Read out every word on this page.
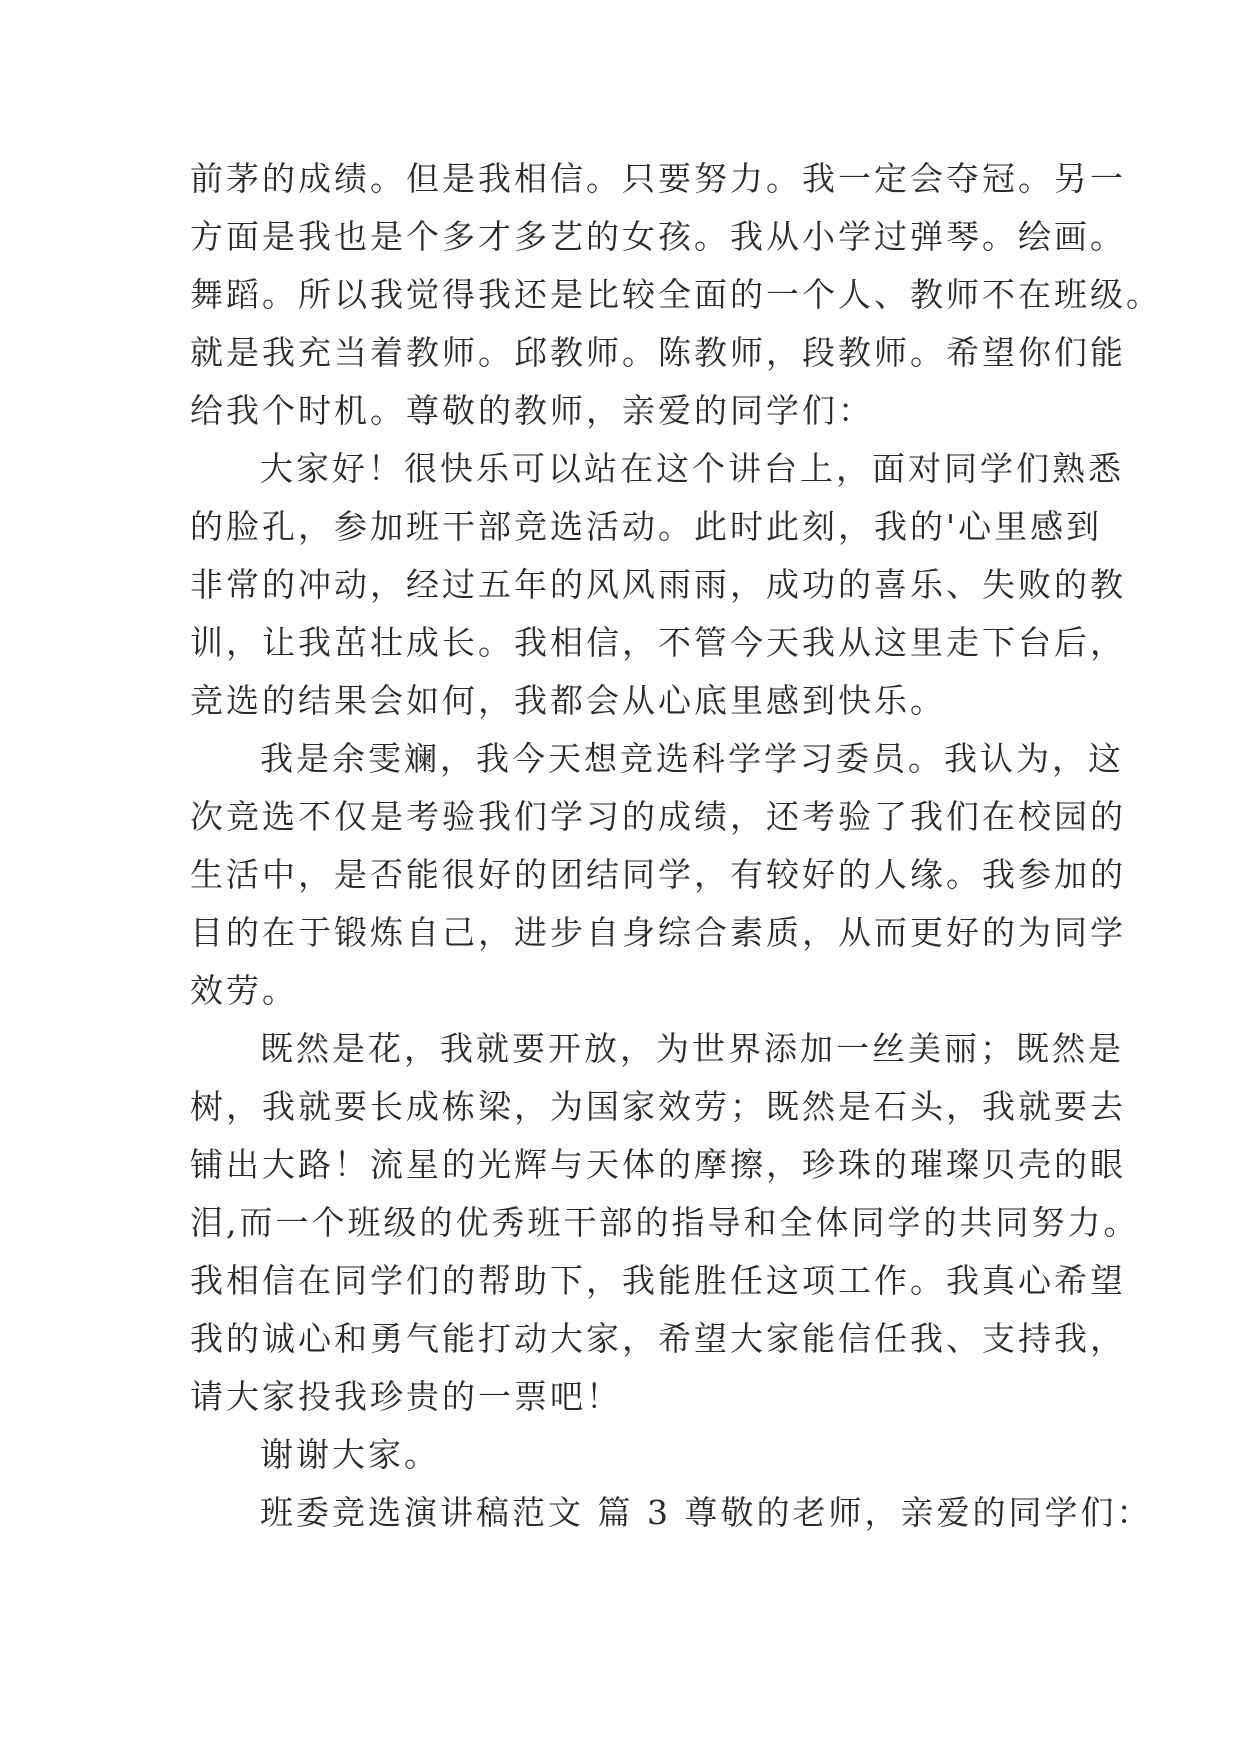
前茅的成绩。但是我相信。只要努力。我一定会夺冠。另一
方面是我也是个多才多艺的女孩。我从小学过弹琴。绘画。
舞蹈。所以我觉得我还是比较全面的一个人、教师不在班级。
就是我充当着教师。邱教师。陈教师，段教师。希望你们能
给我个时机。尊敬的教师，亲爱的同学们：
大家好！很快乐可以站在这个讲台上，面对同学们熟悉
的脸孔，参加班干部竞选活动。此时此刻，我的'心里感到
非常的冲动，经过五年的风风雨雨，成功的喜乐、失败的教
训，让我茁壮成长。我相信，不管今天我从这里走下台后，
竞选的结果会如何，我都会从心底里感到快乐。
我是余雯斓，我今天想竞选科学学习委员。我认为，这
次竞选不仅是考验我们学习的成绩，还考验了我们在校园的
生活中，是否能很好的团结同学，有较好的人缘。我参加的
目的在于锻炼自己，进步自身综合素质，从而更好的为同学
效劳。
既然是花，我就要开放，为世界添加一丝美丽；既然是
树，我就要长成栋梁，为国家效劳；既然是石头，我就要去
铺出大路！流星的光辉与天体的摩擦，珍珠的璀璨贝壳的眼
泪,而一个班级的优秀班干部的指导和全体同学的共同努力。
我相信在同学们的帮助下，我能胜任这项工作。我真心希望
我的诚心和勇气能打动大家，希望大家能信任我、支持我，
请大家投我珍贵的一票吧！
谢谢大家。
班委竞选演讲稿范文 篇 3 尊敬的老师，亲爱的同学们：
